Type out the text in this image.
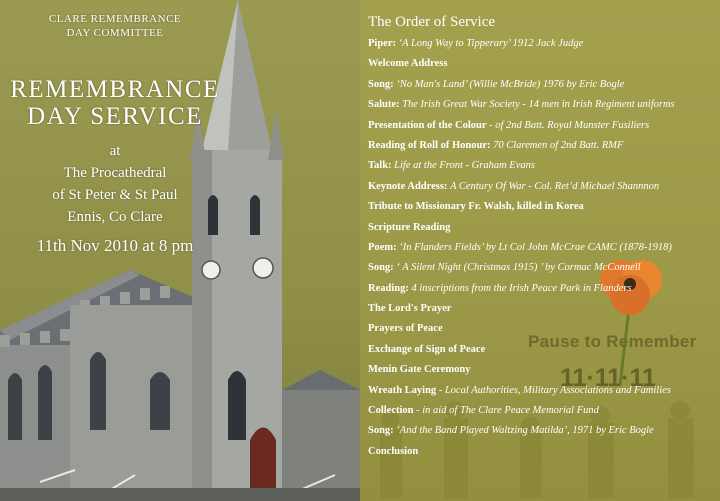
CLARE REMEMBRANCE
DAY COMMITTEE
REMEMBRANCE
DAY SERVICE
at
The Procathedral
of St Peter & St Paul
Ennis, Co Clare
11th Nov 2010 at 8 pm
The Order of Service
Piper: ‘A Long Way to Tipperary’ 1912 Jack Judge
Welcome Address
Song: ‘No Man's Land’ (Willie McBride) 1976 by Eric Bogle
Salute: The Irish Great War Society - 14 men in Irish Regiment uniforms
Presentation of the Colour - of 2nd Batt. Royal Munster Fusiliers
Reading of Roll of Honour: 70 Claremen of 2nd Batt. RMF
Talk: Life at the Front - Graham Evans
Keynote Address: A Century Of War - Col. Ret’d Michael Shannnon
Tribute to Missionary Fr. Walsh, killed in Korea
Scripture Reading
Poem: ‘In Flanders Fields’ by Lt Col John McCrae CAMC (1878-1918)
Song: ‘ A Silent Night (Christmas 1915) ’ by Cormac McConnell
Reading: 4 inscriptions from the Irish Peace Park in Flanders
The Lord's Prayer
Prayers of Peace
Exchange of Sign of Peace
Menin Gate Ceremony
Wreath Laying - Local Authorities, Military Associations and Families
Collection - in aid of The Clare Peace Memorial Fund
Song: ‘And the Band Played Waltzing Matilda’, 1971 by Eric Bogle
Conclusion
Pause to Remember
11·11·11
